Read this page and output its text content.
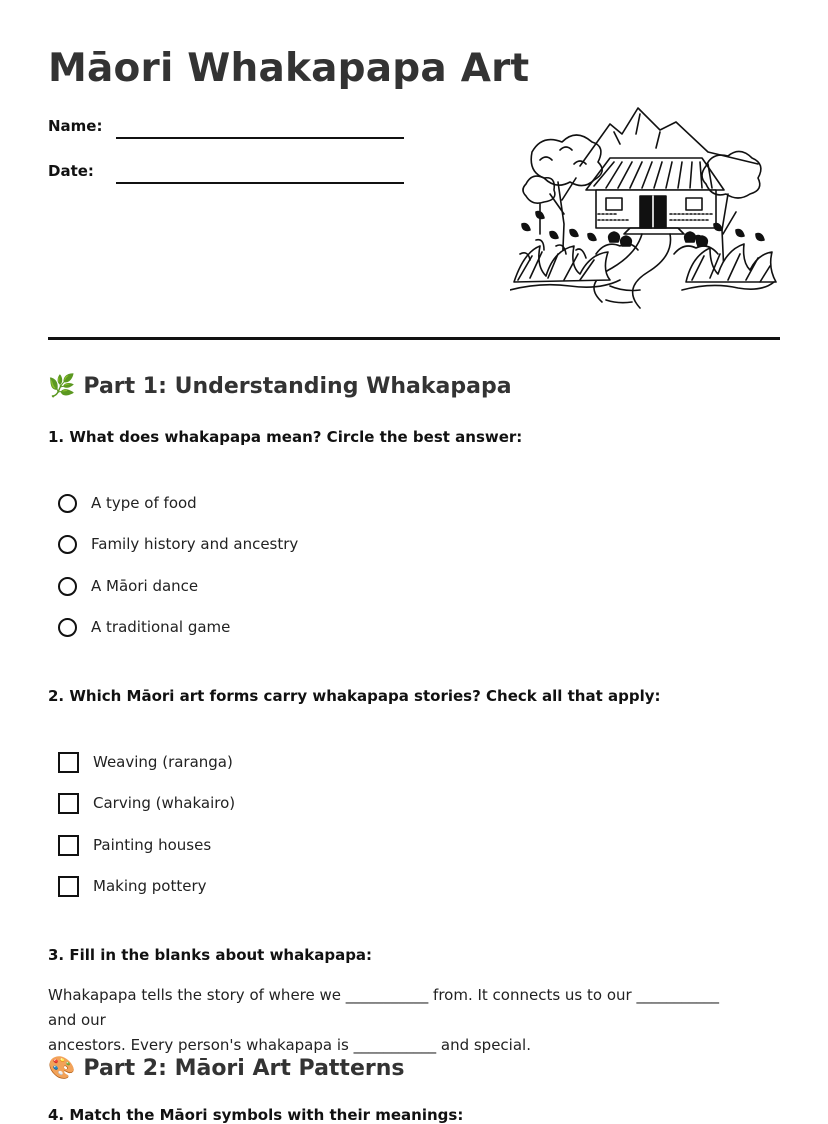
Māori Whakapapa Art
Name:
Date:
🌿 Part 1: Understanding Whakapapa

1. What does whakapapa mean? Circle the best answer:

A type of food
Family history and ancestry
A Māori dance
A traditional game

2. Which Māori art forms carry whakapapa stories? Check all that apply:

Weaving (raranga)
Carving (whakairo)
Painting houses
Making pottery

3. Fill in the blanks about whakapapa:

Whakapapa tells the story of where we ___________ from. It connects us to our ___________ and our
ancestors. Every person's whakapapa is ___________ and special.
🎨 Part 2: Māori Art Patterns

4. Match the Māori symbols with their meanings:
